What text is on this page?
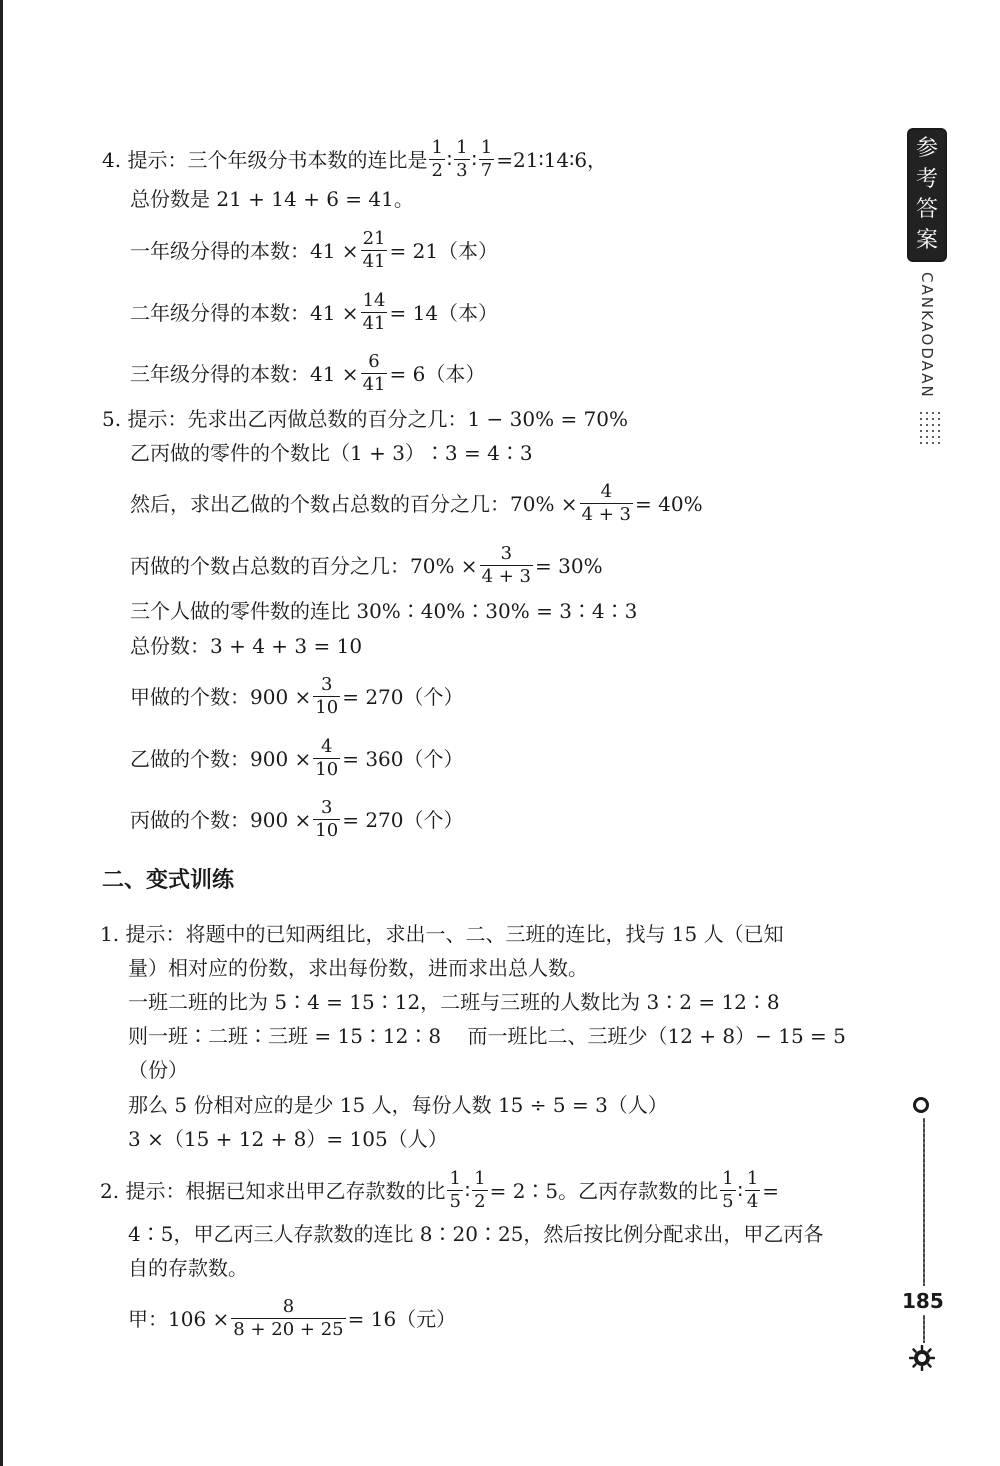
4. 提示：三个年级分书本数的连比是 $\frac{1}{2}$ ∶ $\frac{1}{3}$ ∶ $\frac{1}{7}$ =21∶14∶6，
总份数是 21 + 14 + 6 = 41。
一年级分得的本数：$41 \times \frac{21}{41} = 21$（本）
二年级分得的本数：$41 \times \frac{14}{41} = 14$（本）
三年级分得的本数：$41 \times \frac{6}{41} = 6$（本）
5. 提示：先求出乙丙做总数的百分之几：1 − 30% = 70%
乙丙做的零件的个数比（1 + 3）∶3 = 4∶3
然后，求出乙做的个数占总数的百分之几：$70\% \times \frac{4}{4 + 3} = 40\%$
丙做的个数占总数的百分之几：$70\% \times \frac{3}{4 + 3} = 30\%$
三个人做的零件数的连比 30%∶40%∶30% = 3∶4∶3
总份数：3 + 4 + 3 = 10
甲做的个数：$900 \times \frac{3}{10} = 270$（个）
乙做的个数：$900 \times \frac{4}{10} = 360$（个）
丙做的个数：$900 \times \frac{3}{10} = 270$（个）
二、变式训练
1. 提示：将题中的已知两组比，求出一、二、三班的连比，找与 15 人（已知
量）相对应的份数，求出每份数，进而求出总人数。
一班二班的比为 5∶4 = 15∶12，二班与三班的人数比为 3∶2 = 12∶8
则一班∶二班∶三班 = 15∶12∶8　 而一班比二、三班少（12 + 8）− 15 = 5
（份）
那么 5 份相对应的是少 15 人，每份人数 15 ÷ 5 = 3（人）
3 ×（15 + 12 + 8）= 105（人）
2. 提示：根据已知求出甲乙存款数的比 $\frac{1}{5}$ ∶ $\frac{1}{2}$ = 2∶5。乙丙存款数的比 $\frac{1}{5}$ ∶ $\frac{1}{4}$ =
4∶5，甲乙丙三人存款数的连比 8∶20∶25，然后按比例分配求出，甲乙丙各
自的存款数。
甲：$106 \times \frac{8}{8 + 20 + 25} = 16$（元）
参
考
答
案
CANKAODAAN
185
